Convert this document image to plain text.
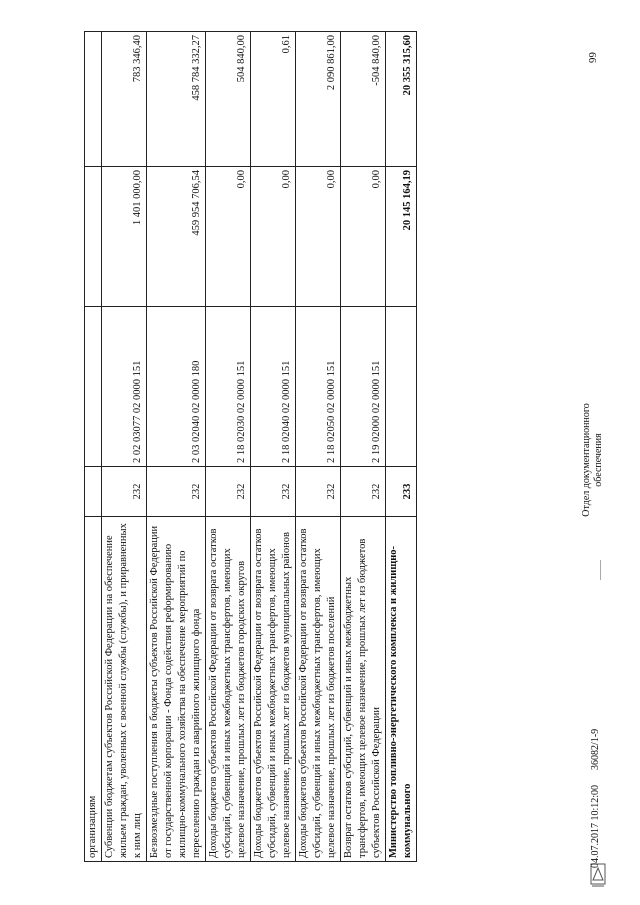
66
организациям				
Субвенции бюджетам субъектов Российской Федерации на обеспечение жильем граждан, уволенных с военной службы (службы), и приравненных к ним лиц	232	2 02 03077 02 0000 151	1 401 000,00	783 346,40
Безвозмездные поступления в бюджеты субъектов Российской Федерации от государственной корпорации - Фонда содействия реформированию жилищно-коммунального хозяйства на обеспечение мероприятий по переселению граждан из аварийного жилищного фонда	232	2 03 02040 02 0000 180	459 954 706,54	458 784 332,27
Доходы бюджетов субъектов Российской Федерации от возврата остатков субсидий, субвенций и иных межбюджетных трансфертов, имеющих целевое назначение, прошлых лет из бюджетов городских округов	232	2 18 02030 02 0000 151	0,00	504 840,00
Доходы бюджетов субъектов Российской Федерации от возврата остатков субсидий, субвенций и иных межбюджетных трансфертов, имеющих целевое назначение, прошлых лет из бюджетов муниципальных районов	232	2 18 02040 02 0000 151	0,00	0,61
Доходы бюджетов субъектов Российской Федерации от возврата остатков субсидий, субвенций и иных межбюджетных трансфертов, имеющих целевое назначение, прошлых лет из бюджетов поселений	232	2 18 02050 02 0000 151	0,00	2 090 861,00
Возврат остатков субсидий, субвенций и иных межбюджетных трансфертов, имеющих целевое назначение, прошлых лет из бюджетов субъектов Российской Федерации	232	2 19 02000 02 0000 151	0,00	-504 840,00
Министерство топливно-энергетического комплекса и жилищно-коммунального	233		20 145 164,19	20 355 315,60
04.07.2017 10:12:00      36082/1-9
Отдел документационного обеспечения
